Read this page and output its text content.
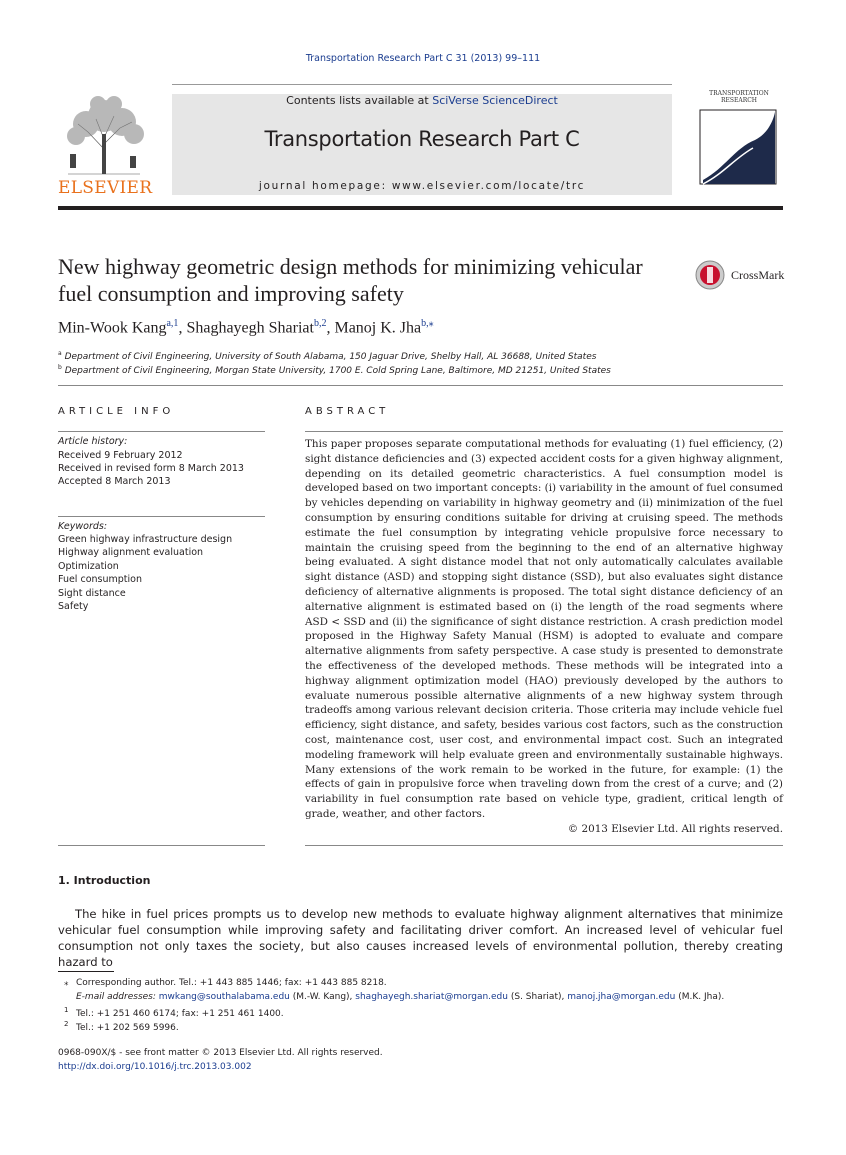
Transportation Research Part C 31 (2013) 99–111
Contents lists available at SciVerse ScienceDirect
Transportation Research Part C
journal homepage: www.elsevier.com/locate/trc
ELSEVIER
TRANSPORTATION
RESEARCH
New highway geometric design methods for minimizing vehicular fuel consumption and improving safety
CrossMark
Min-Wook Kang$^{a,1}$, Shaghayegh Shariat$^{b,2}$, Manoj K. Jha$^{b,⁎}$
$^a$ Department of Civil Engineering, University of South Alabama, 150 Jaguar Drive, Shelby Hall, AL 36688, United States
$^b$ Department of Civil Engineering, Morgan State University, 1700 E. Cold Spring Lane, Baltimore, MD 21251, United States
ARTICLE INFO	ABSTRACT
Article history:
Received 9 February 2012
Received in revised form 8 March 2013
Accepted 8 March 2013
Keywords:
Green highway infrastructure design
Highway alignment evaluation
Optimization
Fuel consumption
Sight distance
Safety
This paper proposes separate computational methods for evaluating (1) fuel efficiency, (2) sight distance deficiencies and (3) expected accident costs for a given highway alignment, depending on its detailed geometric characteristics. A fuel consumption model is developed based on two important concepts: (i) variability in the amount of fuel consumed by vehicles depending on variability in highway geometry and (ii) minimization of the fuel consumption by ensuring conditions suitable for driving at cruising speed. The methods estimate the fuel consumption by integrating vehicle propulsive force necessary to maintain the cruising speed from the beginning to the end of an alternative highway being evaluated. A sight distance model that not only automatically calculates available sight distance (ASD) and stopping sight distance (SSD), but also evaluates sight distance deficiency of alternative alignments is proposed. The total sight distance deficiency of an alternative alignment is estimated based on (i) the length of the road segments where ASD < SSD and (ii) the significance of sight distance restriction. A crash prediction model proposed in the Highway Safety Manual (HSM) is adopted to evaluate and compare alternative alignments from safety perspective. A case study is presented to demonstrate the effectiveness of the developed methods. These methods will be integrated into a highway alignment optimization model (HAO) previously developed by the authors to evaluate numerous possible alternative alignments of a new highway system through tradeoffs among various relevant decision criteria. Those criteria may include vehicle fuel efficiency, sight distance, and safety, besides various cost factors, such as the construction cost, maintenance cost, user cost, and environmental impact cost. Such an integrated modeling framework will help evaluate green and environmentally sustainable highways. Many extensions of the work remain to be worked in the future, for example: (1) the effects of gain in propulsive force when traveling down from the crest of a curve; and (2) variability in fuel consumption rate based on vehicle type, gradient, critical length of grade, weather, and other factors.
© 2013 Elsevier Ltd. All rights reserved.
1. Introduction
The hike in fuel prices prompts us to develop new methods to evaluate highway alignment alternatives that minimize vehicular fuel consumption while improving safety and facilitating driver comfort. An increased level of vehicular fuel consumption not only taxes the society, but also causes increased levels of environmental pollution, thereby creating hazard to
⁎ Corresponding author. Tel.: +1 443 885 1446; fax: +1 443 885 8218.
E-mail addresses: mwkang@southalabama.edu (M.-W. Kang), shaghayegh.shariat@morgan.edu (S. Shariat), manoj.jha@morgan.edu (M.K. Jha).
1 Tel.: +1 251 460 6174; fax: +1 251 461 1400.
2 Tel.: +1 202 569 5996.
0968-090X/$ - see front matter © 2013 Elsevier Ltd. All rights reserved.
http://dx.doi.org/10.1016/j.trc.2013.03.002
